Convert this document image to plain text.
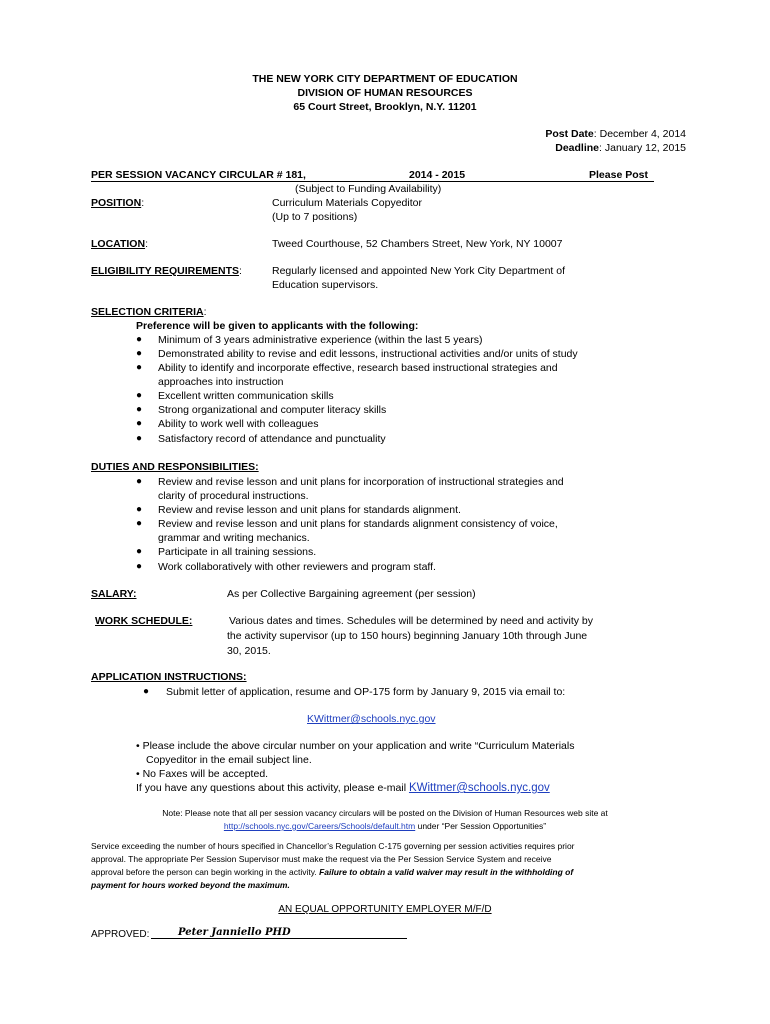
THE NEW YORK CITY DEPARTMENT OF EDUCATION
DIVISION OF HUMAN RESOURCES
65 Court Street, Brooklyn, N.Y. 11201
Post Date: December 4, 2014
Deadline: January 12, 2015
PER SESSION VACANCY CIRCULAR # 181,	2014 - 2015	Please Post
(Subject to Funding Availability)
POSITION:	Curriculum Materials Copyeditor
(Up to 7 positions)
LOCATION:	Tweed Courthouse, 52 Chambers Street, New York, NY 10007
ELIGIBILITY REQUIREMENTS:	Regularly licensed and appointed New York City Department of
Education supervisors.
SELECTION CRITERIA:
Preference will be given to applicants with the following:
● Minimum of 3 years administrative experience (within the last 5 years)
● Demonstrated ability to revise and edit lessons, instructional activities and/or units of study
● Ability to identify and incorporate effective, research based instructional strategies and
approaches into instruction
● Excellent written communication skills
● Strong organizational and computer literacy skills
● Ability to work well with colleagues
● Satisfactory record of attendance and punctuality
DUTIES AND RESPONSIBILITIES:
● Review and revise lesson and unit plans for incorporation of instructional strategies and
clarity of procedural instructions.
● Review and revise lesson and unit plans for standards alignment.
● Review and revise lesson and unit plans for standards alignment consistency of voice,
grammar and writing mechanics.
● Participate in all training sessions.
● Work collaboratively with other reviewers and program staff.
SALARY:	As per Collective Bargaining agreement (per session)
WORK SCHEDULE:	Various dates and times. Schedules will be determined by need and activity by
the activity supervisor (up to 150 hours) beginning January 10th through June
30, 2015.
APPLICATION INSTRUCTIONS:
● Submit letter of application, resume and OP-175 form by January 9, 2015 via email to:
KWittmer@schools.nyc.gov
• Please include the above circular number on your application and write “Curriculum Materials
Copyeditor in the email subject line.
• No Faxes will be accepted.
If you have any questions about this activity, please e-mail KWittmer@schools.nyc.gov
Note: Please note that all per session vacancy circulars will be posted on the Division of Human Resources web site at
http://schools.nyc.gov/Careers/Schools/default.htm under “Per Session Opportunities”
Service exceeding the number of hours specified in Chancellor’s Regulation C-175 governing per session activities requires prior
approval. The appropriate Per Session Supervisor must make the request via the Per Session Service System and receive
approval before the person can begin working in the activity. Failure to obtain a valid waiver may result in the withholding of
payment for hours worked beyond the maximum.
AN EQUAL OPPORTUNITY EMPLOYER M/F/D
APPROVED:	Peter Janniello PHD
